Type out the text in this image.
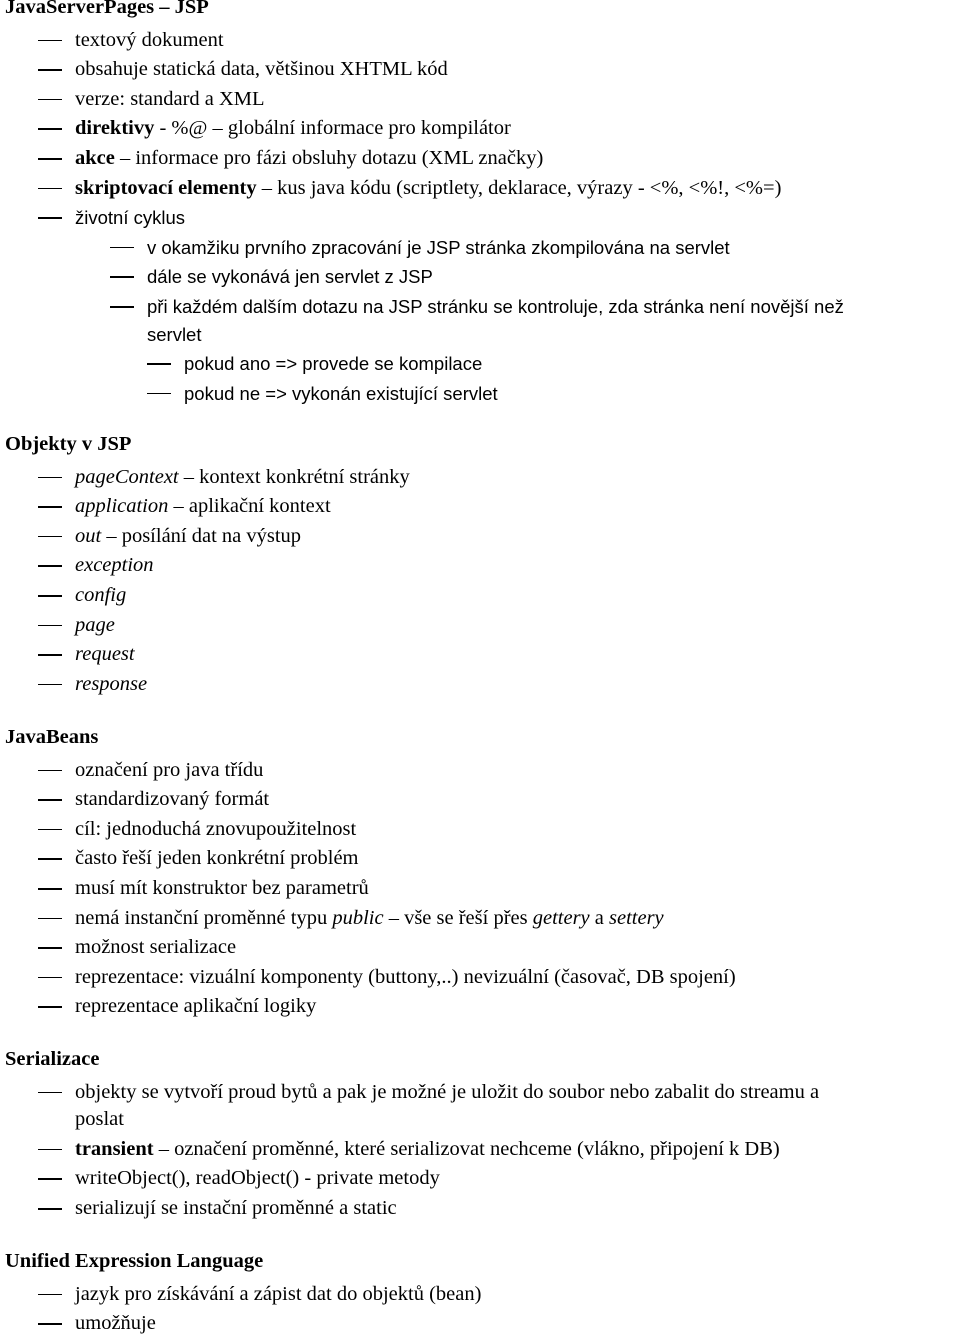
JavaServerPages – JSP
textový dokument
obsahuje statická data, většinou XHTML kód
verze: standard a XML
direktivy - %@ – globální informace pro kompilátor
akce – informace pro fázi obsluhy dotazu (XML značky)
skriptovací elementy – kus java kódu (scriptlety, deklarace, výrazy - <%, <%!, <%=)
životní cyklus
v okamžiku prvního zpracování je JSP stránka zkompilována na servlet
dále se vykonává jen servlet z JSP
při každém dalším dotazu na JSP stránku se kontroluje, zda stránka není novější než
servlet
pokud ano => provede se kompilace
pokud ne => vykonán existující servlet
Objekty v JSP
pageContext – kontext konkrétní stránky
application – aplikační kontext
out – posílání dat na výstup
exception
config
page
request
response
JavaBeans
označení pro java třídu
standardizovaný formát
cíl: jednoduchá znovupoužitelnost
často řeší jeden konkrétní problém
musí mít konstruktor bez parametrů
nemá instanční proměnné typu public – vše se řeší přes gettery a settery
možnost serializace
reprezentace: vizuální komponenty (buttony,..) nevizuální (časovač, DB spojení)
reprezentace aplikační logiky
Serializace
objekty se vytvoří proud bytů a pak je možné je uložit do soubor nebo zabalit do streamu a
poslat
transient – označení proměnné, které serializovat nechceme (vlákno, připojení k DB)
writeObject(), readObject() - private metody
serializují se instační proměnné a static
Unified Expression Language
jazyk pro získávání a zápist dat do objektů (bean)
umožňuje
